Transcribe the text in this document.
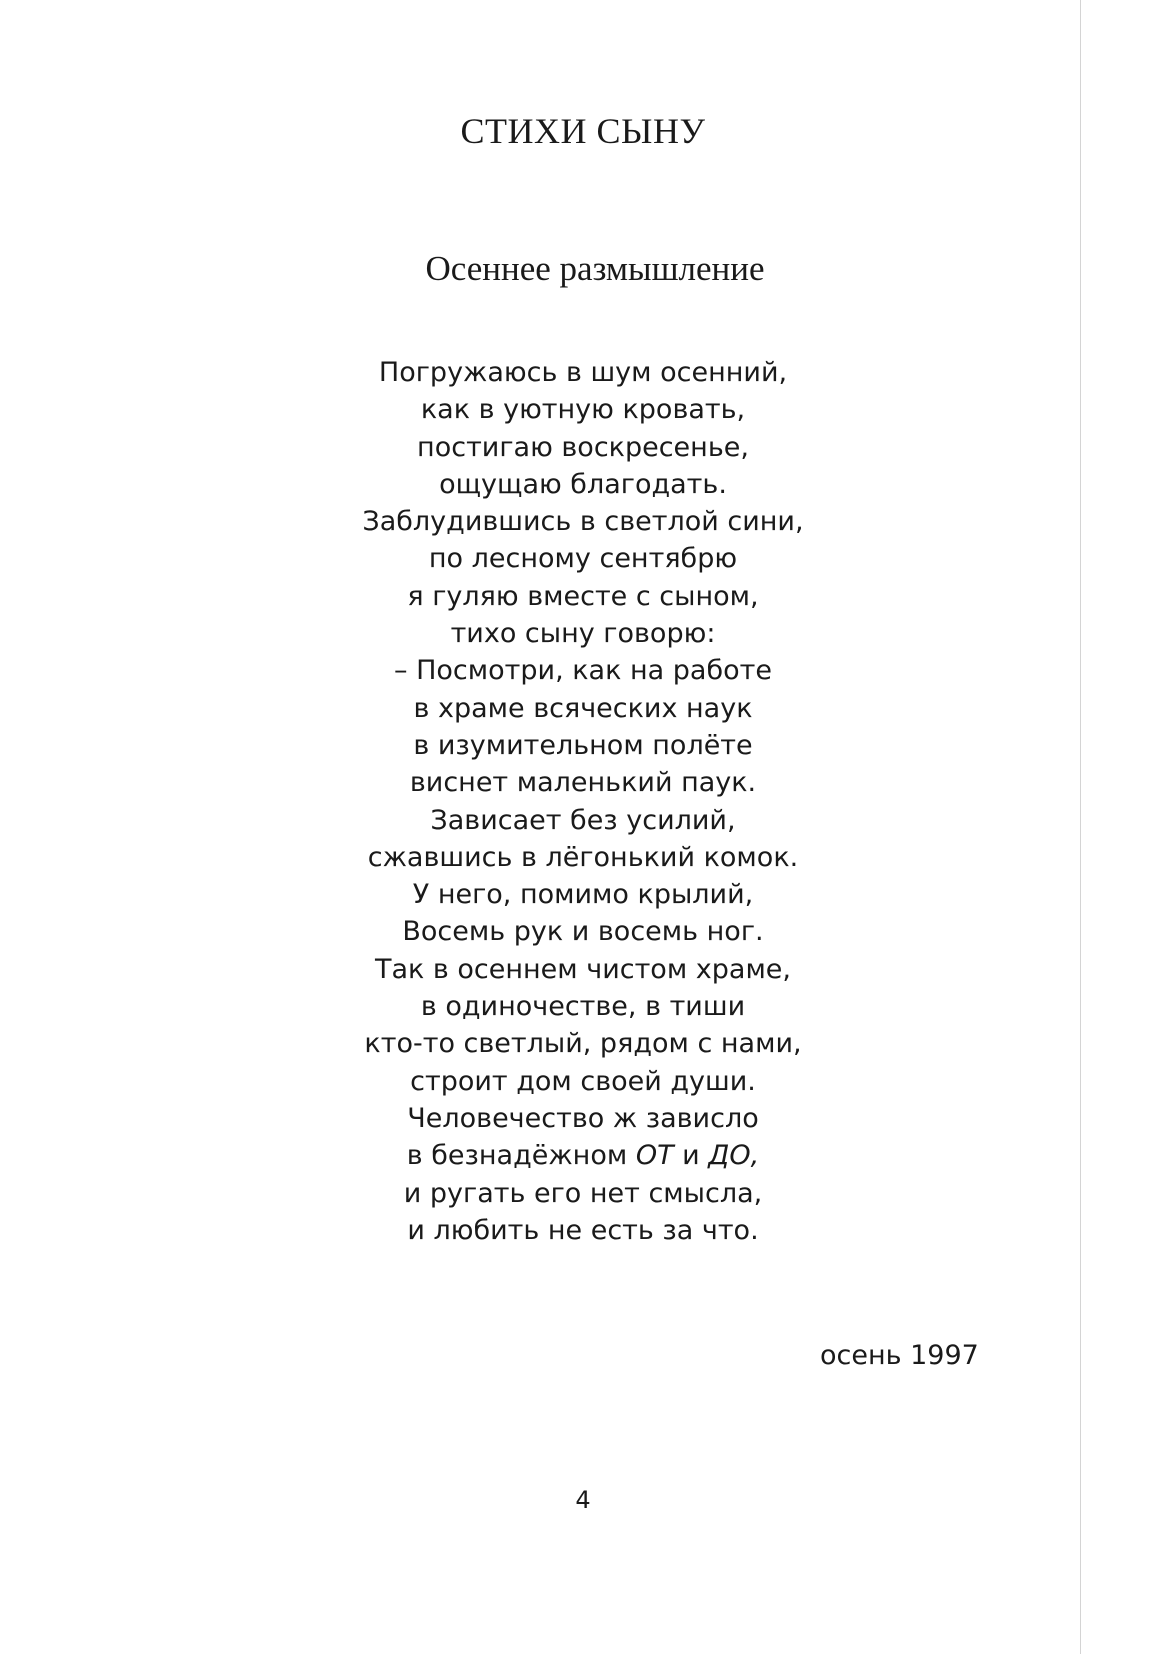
СТИХИ СЫНУ
Осеннее размышление
Погружаюсь в шум осенний,
как в уютную кровать,
постигаю воскресенье,
ощущаю благодать.
Заблудившись в светлой сини,
по лесному сентябрю
я гуляю вместе с сыном,
тихо сыну говорю:
– Посмотри, как на работе
в храме всяческих наук
в изумительном полёте
виснет маленький паук.
Зависает без усилий,
сжавшись в лёгонький комок.
У него, помимо крылий,
Восемь рук и восемь ног.
Так в осеннем чистом храме,
в одиночестве, в тиши
кто-то светлый, рядом с нами,
строит дом своей души.
Человечество ж зависло
в безнадёжном ОТ и ДО,
и ругать его нет смысла,
и любить не есть за что.
осень 1997
4
